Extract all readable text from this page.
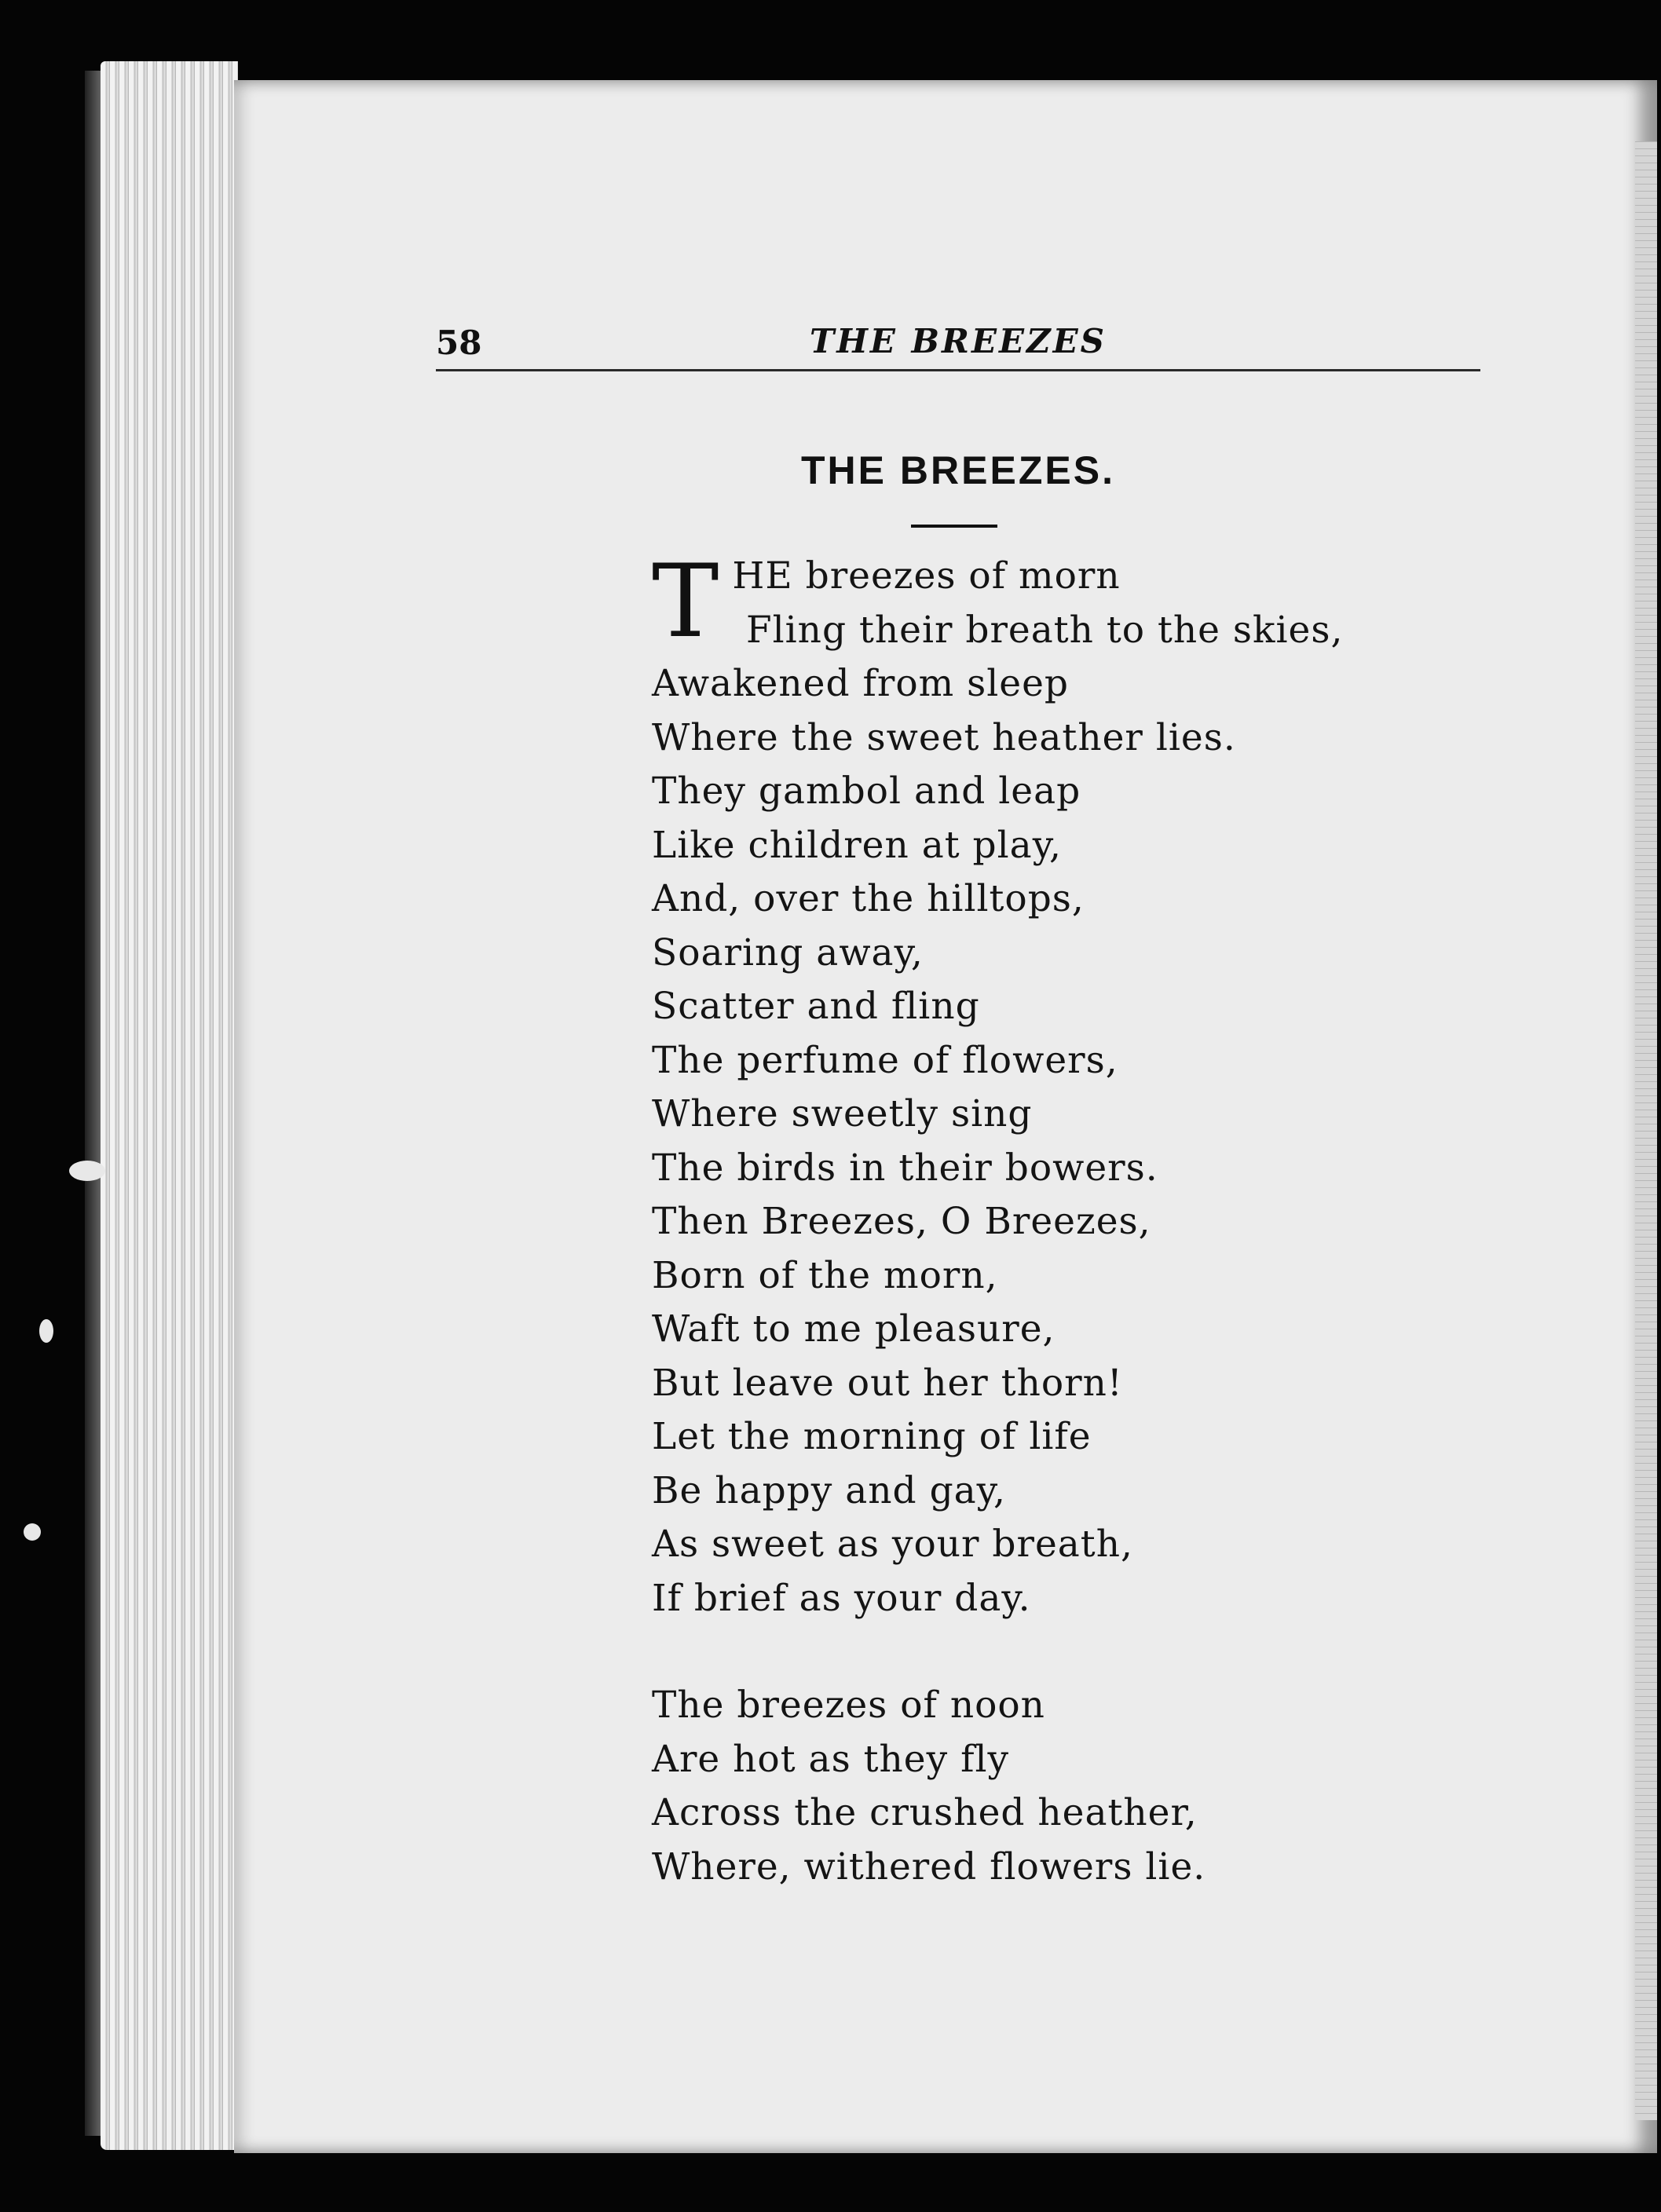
58	THE BREEZES
THE BREEZES.
T HE breezes of morn
Fling their breath to the skies,
Awakened from sleep
Where the sweet heather lies.
They gambol and leap
Like children at play,
And, over the hilltops,
Soaring away,
Scatter and fling
The perfume of flowers,
Where sweetly sing
The birds in their bowers.
Then Breezes, O Breezes,
Born of the morn,
Waft to me pleasure,
But leave out her thorn!
Let the morning of life
Be happy and gay,
As sweet as your breath,
If brief as your day.
The breezes of noon
Are hot as they fly
Across the crushed heather,
Where, withered flowers lie.
